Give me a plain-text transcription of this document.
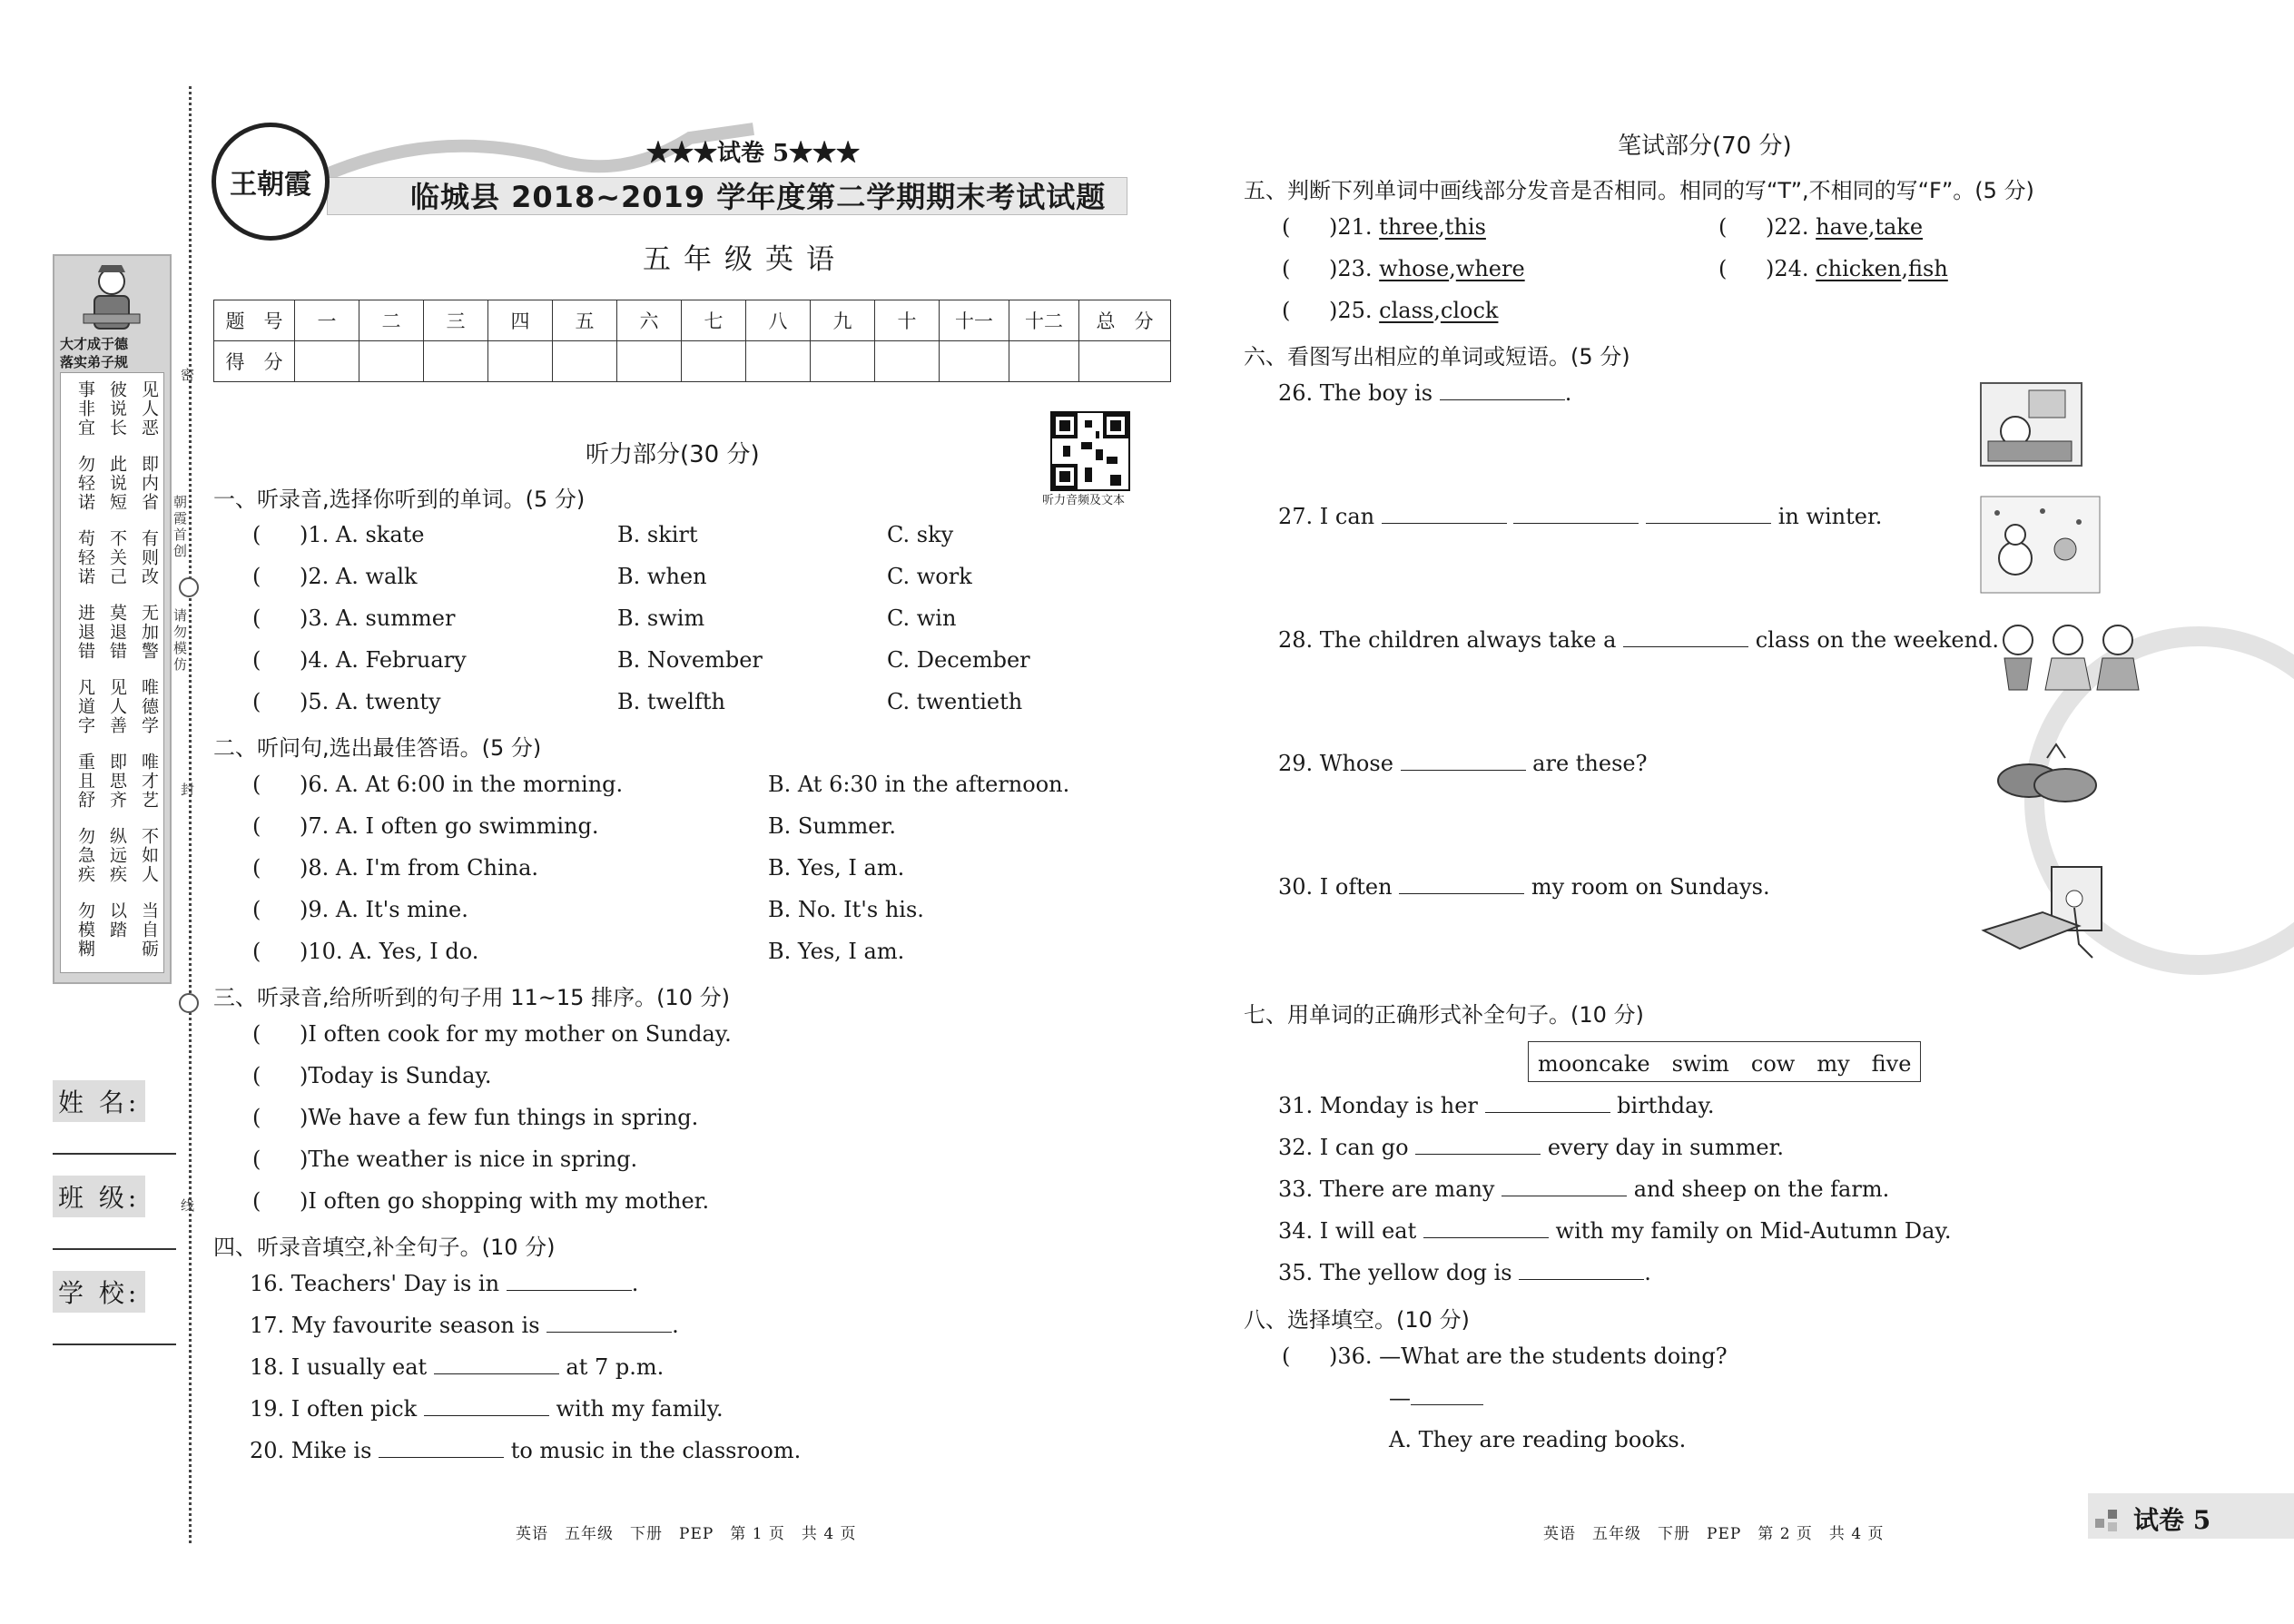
密
封
线
大才成于德
落实弟子规
见人恶
彼说长
事非宜
即内省
此说短
勿轻诺
有则改
不关己
苟轻诺
无加警
莫退错
进退错
唯德学
见人善
凡道字
唯才艺
即思齐
重且舒
不如人
纵远疾
勿急疾
当自砺
以踏
勿模糊
朝霞首创
请勿模仿
姓 名:
班 级:
学 校:
王朝霞
★★★试卷 5★★★
临城县 2018~2019 学年度第二学期期末考试试题
五年级英语
题　号	一	二	三	四	五	六	七	八	九	十	十一	十二	总　分
得　分													
听力音频及文本
听力部分(30 分)
一、听录音,选择你听到的单词。(5 分)
( )1. A. skate	B. skirt	C. sky
( )2. A. walk	B. when	C. work
( )3. A. summer	B. swim	C. win
( )4. A. February	B. November	C. December
( )5. A. twenty	B. twelfth	C. twentieth
二、听问句,选出最佳答语。(5 分)
( )6. A. At 6:00 in the morning.	B. At 6:30 in the afternoon.
( )7. A. I often go swimming.	B. Summer.
( )8. A. I'm from China.	B. Yes, I am.
( )9. A. It's mine.	B. No. It's his.
( )10. A. Yes, I do.	B. Yes, I am.
三、听录音,给所听到的句子用 11~15 排序。(10 分)
( )I often cook for my mother on Sunday.
( )Today is Sunday.
( )We have a few fun things in spring.
( )The weather is nice in spring.
( )I often go shopping with my mother.
四、听录音填空,补全句子。(10 分)
16. Teachers' Day is in	.
17. My favourite season is	.
18. I usually eat	at 7 p.m.
19. I often pick	with my family.
20. Mike is	to music in the classroom.
英语　五年级　下册　PEP　第 1 页　共 4 页
笔试部分(70 分)
五、判断下列单词中画线部分发音是否相同。相同的写“T”,不相同的写“F”。(5 分)
( )21. three,this	( )22. have,take
( )23. whose,where	( )24. chicken,fish
( )25. class,clock
六、看图写出相应的单词或短语。(5 分)
26. The boy is	.
27. I can	in winter.
28. The children always take a	class on the weekend.
29. Whose	are these?
30. I often	my room on Sundays.
七、用单词的正确形式补全句子。(10 分)
mooncake　swim　cow　my　five
31. Monday is her	birthday.
32. I can go	every day in summer.
33. There are many	and sheep on the farm.
34. I will eat	with my family on Mid-Autumn Day.
35. The yellow dog is	.
八、选择填空。(10 分)
( )36. —What are the students doing?
—
A. They are reading books.
英语　五年级　下册　PEP　第 2 页　共 4 页	试卷 5
